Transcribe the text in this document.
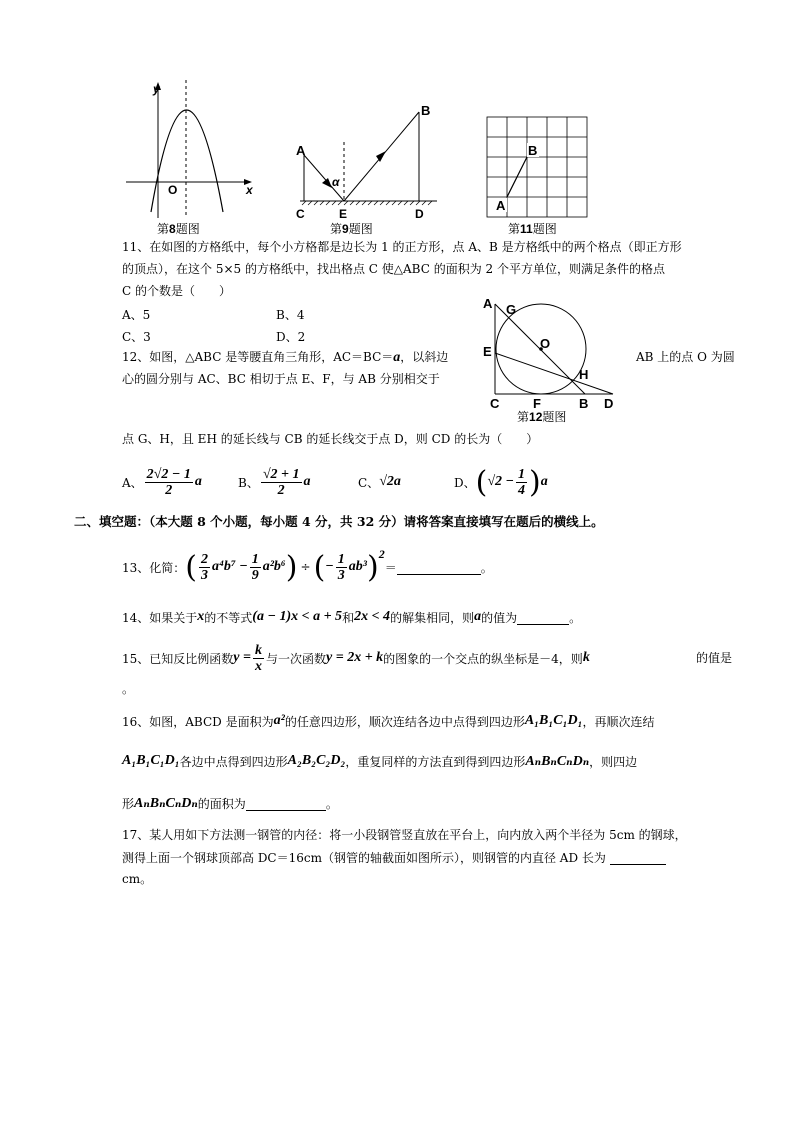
y
x
O
第8题图
A
B
C	E	D
α
第9题图
A
B
第11题图
A G
O
E
H
C	F	B D
第12题图
11、在如图的方格纸中，每个小方格都是边长为 1 的正方形，点 A、B 是方格纸中的两个格点（即正方形
的顶点），在这个 5×5 的方格纸中，找出格点 C 使△ABC 的面积为 2 个平方单位，则满足条件的格点
C 的个数是（　　）
A、5	B、4
C、3	D、2
12、如图，△ABC 是等腰直角三角形，AC＝BC＝a，以斜边	AB 上的点 O 为圆
心的圆分别与 AC、BC 相切于点 E、F，与 AB 分别相交于
点 G、H，且 EH 的延长线与 CB 的延长线交于点 D，则 CD 的长为（　　）
A、 $\frac{2√2 - 1}{2}$ a	B、 $\frac{√2 + 1}{2}$ a	C、 √2 a	D、 ( $√2 - \frac{1}{4}$ ) a
二、填空题：（本大题 8 个小题，每小题 4 分，共 32 分）请将答案直接填写在题后的横线上。
13、化简： ( $\frac{2}{3} a^4b^7 - \frac{1}{9} a^2b^6$ ) ÷ ( − $\frac{1}{3} ab^3$ ) 2
＝	。
14、如果关于 x 的不等式 (a − 1)x < a + 5 和 2x < 4 的解集相同，则 a 的值为	。
15、已知反比例函数 $y = \frac{k}{x}$ 与一次函数 y = 2x + k 的图象的一个交点的纵坐标是－4，则 k	的值是
。
16、如图，ABCD 是面积为 a² 的任意四边形，顺次连结各边中点得到四边形 A₁B₁C₁D₁ ，再顺次连结
A₁B₁C₁D₁ 各边中点得到四边形 A₂B₂C₂D₂ ，重复同样的方法直到得到四边形 AₙBₙCₙDₙ ，则四边
形 AₙBₙCₙDₙ 的面积为	。
17、某人用如下方法测一钢管的内径：将一小段钢管竖直放在平台上，向内放入两个半径为 5cm 的钢球，
测得上面一个钢球顶部高 DC＝16cm（钢管的轴截面如图所示），则钢管的内直径 AD 长为
cm。
